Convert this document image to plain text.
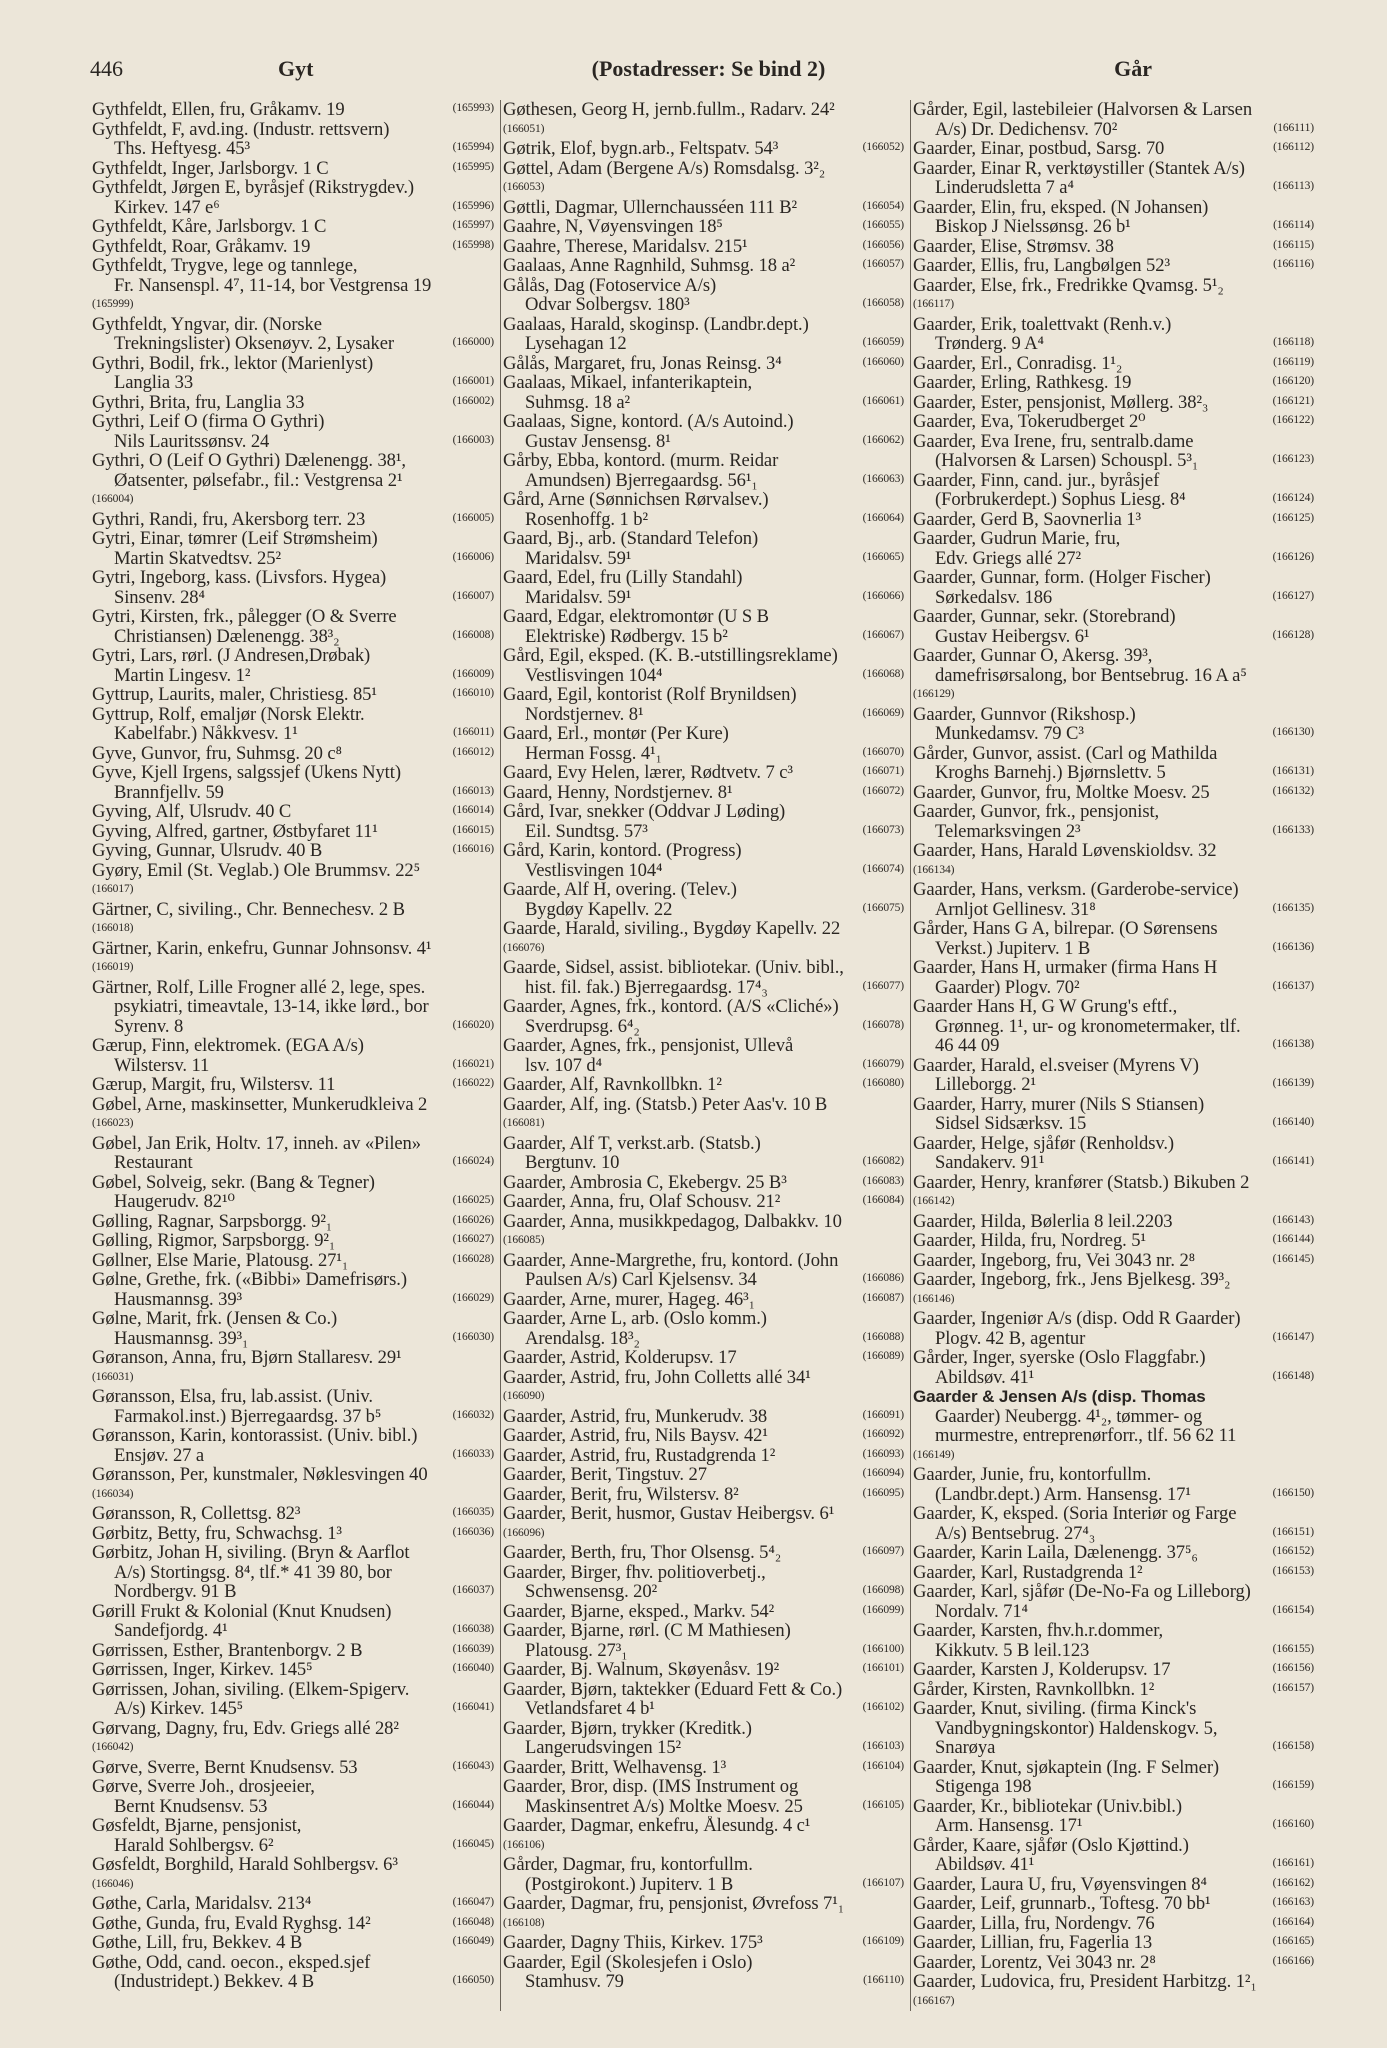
446	Gyt	(Postadresser: Se bind 2)	Går
Gythfeldt, Ellen, fru, Gråkamv. 19	(165993)
Gythfeldt, F, avd.ing. (Industr. rettsvern)
Ths. Heftyesg. 45³	(165994)
Gythfeldt, Inger, Jarlsborgv. 1 C	(165995)
Gythfeldt, Jørgen E, byråsjef (Rikstrygdev.)
Kirkev. 147 e⁶	(165996)
Gythfeldt, Kåre, Jarlsborgv. 1 C	(165997)
Gythfeldt, Roar, Gråkamv. 19	(165998)
Gythfeldt, Trygve, lege og tannlege,
Fr. Nansenspl. 4⁷, 11-14, bor Vestgrensa 19
(165999)
Gythfeldt, Yngvar, dir. (Norske
Trekningslister) Oksenøyv. 2, Lysaker	(166000)
Gythri, Bodil, frk., lektor (Marienlyst)
Langlia 33	(166001)
Gythri, Brita, fru, Langlia 33	(166002)
Gythri, Leif O (firma O Gythri)
Nils Lauritssønsv. 24	(166003)
Gythri, O (Leif O Gythri) Dælenengg. 38¹,
Øatsenter, pølsefabr., fil.: Vestgrensa 2¹
(166004)
Gythri, Randi, fru, Akersborg terr. 23	(166005)
Gytri, Einar, tømrer (Leif Strømsheim)
Martin Skatvedtsv. 25²	(166006)
Gytri, Ingeborg, kass. (Livsfors. Hygea)
Sinsenv. 28⁴	(166007)
Gytri, Kirsten, frk., pålegger (O & Sverre
Christiansen) Dælenengg. 38³₂	(166008)
Gytri, Lars, rørl. (J Andresen,Drøbak)
Martin Lingesv. 1²	(166009)
Gyttrup, Laurits, maler, Christiesg. 85¹	(166010)
Gyttrup, Rolf, emaljør (Norsk Elektr.
Kabelfabr.) Nåkkvesv. 1¹	(166011)
Gyve, Gunvor, fru, Suhmsg. 20 c⁸	(166012)
Gyve, Kjell Irgens, salgssjef (Ukens Nytt)
Brannfjellv. 59	(166013)
Gyving, Alf, Ulsrudv. 40 C	(166014)
Gyving, Alfred, gartner, Østbyfaret 11¹	(166015)
Gyving, Gunnar, Ulsrudv. 40 B	(166016)
Gyøry, Emil (St. Veglab.) Ole Brummsv. 22⁵
(166017)
Gärtner, C, siviling., Chr. Bennechesv. 2 B
(166018)
Gärtner, Karin, enkefru, Gunnar Johnsonsv. 4¹
(166019)
Gärtner, Rolf, Lille Frogner allé 2, lege, spes.
psykiatri, timeavtale, 13-14, ikke lørd., bor
Syrenv. 8	(166020)
Gærup, Finn, elektromek. (EGA A/s)
Wilstersv. 11	(166021)
Gærup, Margit, fru, Wilstersv. 11	(166022)
Gøbel, Arne, maskinsetter, Munkerudkleiva 2
(166023)
Gøbel, Jan Erik, Holtv. 17, inneh. av «Pilen»
Restaurant	(166024)
Gøbel, Solveig, sekr. (Bang & Tegner)
Haugerudv. 82¹⁰	(166025)
Gølling, Ragnar, Sarpsborgg. 9²₁	(166026)
Gølling, Rigmor, Sarpsborgg. 9²₁	(166027)
Gøllner, Else Marie, Platousg. 27¹₁	(166028)
Gølne, Grethe, frk. («Bibbi» Damefrisørs.)
Hausmannsg. 39³	(166029)
Gølne, Marit, frk. (Jensen & Co.)
Hausmannsg. 39³₁	(166030)
Gøranson, Anna, fru, Bjørn Stallaresv. 29¹
(166031)
Gøransson, Elsa, fru, lab.assist. (Univ.
Farmakol.inst.) Bjerregaardsg. 37 b⁵	(166032)
Gøransson, Karin, kontorassist. (Univ. bibl.)
Ensjøv. 27 a	(166033)
Gøransson, Per, kunstmaler, Nøklesvingen 40
(166034)
Gøransson, R, Collettsg. 82³	(166035)
Gørbitz, Betty, fru, Schwachsg. 1³	(166036)
Gørbitz, Johan H, siviling. (Bryn & Aarflot
A/s) Stortingsg. 8⁴, tlf.* 41 39 80, bor
Nordbergv. 91 B	(166037)
Gørill Frukt & Kolonial (Knut Knudsen)
Sandefjordg. 4¹	(166038)
Gørrissen, Esther, Brantenborgv. 2 B	(166039)
Gørrissen, Inger, Kirkev. 145⁵	(166040)
Gørrissen, Johan, siviling. (Elkem-Spigerv.
A/s) Kirkev. 145⁵	(166041)
Gørvang, Dagny, fru, Edv. Griegs allé 28²
(166042)
Gørve, Sverre, Bernt Knudsensv. 53	(166043)
Gørve, Sverre Joh., drosjeeier,
Bernt Knudsensv. 53	(166044)
Gøsfeldt, Bjarne, pensjonist,
Harald Sohlbergsv. 6²	(166045)
Gøsfeldt, Borghild, Harald Sohlbergsv. 6³
(166046)
Gøthe, Carla, Maridalsv. 213⁴	(166047)
Gøthe, Gunda, fru, Evald Ryghsg. 14²	(166048)
Gøthe, Lill, fru, Bekkev. 4 B	(166049)
Gøthe, Odd, cand. oecon., eksped.sjef
(Industridept.) Bekkev. 4 B	(166050)
Gøthesen, Georg H, jernb.fullm., Radarv. 24²
(166051)
Gøtrik, Elof, bygn.arb., Feltspatv. 54³	(166052)
Gøttel, Adam (Bergene A/s) Romsdalsg. 3²₂
(166053)
Gøttli, Dagmar, Ullernchausséen 111 B²	(166054)
Gaahre, N, Vøyensvingen 18⁵	(166055)
Gaahre, Therese, Maridalsv. 215¹	(166056)
Gaalaas, Anne Ragnhild, Suhmsg. 18 a²	(166057)
Gålås, Dag (Fotoservice A/s)
Odvar Solbergsv. 180³	(166058)
Gaalaas, Harald, skoginsp. (Landbr.dept.)
Lysehagan 12	(166059)
Gålås, Margaret, fru, Jonas Reinsg. 3⁴	(166060)
Gaalaas, Mikael, infanterikaptein,
Suhmsg. 18 a²	(166061)
Gaalaas, Signe, kontord. (A/s Autoind.)
Gustav Jensensg. 8¹	(166062)
Gårby, Ebba, kontord. (murm. Reidar
Amundsen) Bjerregaardsg. 56¹₁	(166063)
Gård, Arne (Sønnichsen Rørvalsev.)
Rosenhoffg. 1 b²	(166064)
Gaard, Bj., arb. (Standard Telefon)
Maridalsv. 59¹	(166065)
Gaard, Edel, fru (Lilly Standahl)
Maridalsv. 59¹	(166066)
Gaard, Edgar, elektromontør (U S B
Elektriske) Rødbergv. 15 b²	(166067)
Gård, Egil, eksped. (K. B.-utstillingsreklame)
Vestlisvingen 104⁴	(166068)
Gaard, Egil, kontorist (Rolf Brynildsen)
Nordstjernev. 8¹	(166069)
Gaard, Erl., montør (Per Kure)
Herman Fossg. 4¹₁	(166070)
Gaard, Evy Helen, lærer, Rødtvetv. 7 c³	(166071)
Gaard, Henny, Nordstjernev. 8¹	(166072)
Gård, Ivar, snekker (Oddvar J Løding)
Eil. Sundtsg. 57³	(166073)
Gård, Karin, kontord. (Progress)
Vestlisvingen 104⁴	(166074)
Gaarde, Alf H, overing. (Telev.)
Bygdøy Kapellv. 22	(166075)
Gaarde, Harald, siviling., Bygdøy Kapellv. 22
(166076)
Gaarde, Sidsel, assist. bibliotekar. (Univ. bibl.,
hist. fil. fak.) Bjerregaardsg. 17⁴₃	(166077)
Gaarder, Agnes, frk., kontord. (A/S «Cliché»)
Sverdrupsg. 6⁴₂	(166078)
Gaarder, Agnes, frk., pensjonist, Ullevå
lsv. 107 d⁴	(166079)
Gaarder, Alf, Ravnkollbkn. 1²	(166080)
Gaarder, Alf, ing. (Statsb.) Peter Aas'v. 10 B
(166081)
Gaarder, Alf T, verkst.arb. (Statsb.)
Bergtunv. 10	(166082)
Gaarder, Ambrosia C, Ekebergv. 25 B³	(166083)
Gaarder, Anna, fru, Olaf Schousv. 21²	(166084)
Gaarder, Anna, musikkpedagog, Dalbakkv. 10
(166085)
Gaarder, Anne-Margrethe, fru, kontord. (John
Paulsen A/s) Carl Kjelsensv. 34	(166086)
Gaarder, Arne, murer, Hageg. 46³₁	(166087)
Gaarder, Arne L, arb. (Oslo komm.)
Arendalsg. 18³₂	(166088)
Gaarder, Astrid, Kolderupsv. 17	(166089)
Gaarder, Astrid, fru, John Colletts allé 34¹
(166090)
Gaarder, Astrid, fru, Munkerudv. 38	(166091)
Gaarder, Astrid, fru, Nils Baysv. 42¹	(166092)
Gaarder, Astrid, fru, Rustadgrenda 1²	(166093)
Gaarder, Berit, Tingstuv. 27	(166094)
Gaarder, Berit, fru, Wilstersv. 8²	(166095)
Gaarder, Berit, husmor, Gustav Heibergsv. 6¹
(166096)
Gaarder, Berth, fru, Thor Olsensg. 5⁴₂	(166097)
Gaarder, Birger, fhv. politioverbetj.,
Schwensensg. 20²	(166098)
Gaarder, Bjarne, eksped., Markv. 54²	(166099)
Gaarder, Bjarne, rørl. (C M Mathiesen)
Platousg. 27³₁	(166100)
Gaarder, Bj. Walnum, Skøyenåsv. 19²	(166101)
Gaarder, Bjørn, taktekker (Eduard Fett & Co.)
Vetlandsfaret 4 b¹	(166102)
Gaarder, Bjørn, trykker (Kreditk.)
Langerudsvingen 15²	(166103)
Gaarder, Britt, Welhavensg. 1³	(166104)
Gaarder, Bror, disp. (IMS Instrument og
Maskinsentret A/s) Moltke Moesv. 25	(166105)
Gaarder, Dagmar, enkefru, Ålesundg. 4 c¹
(166106)
Gårder, Dagmar, fru, kontorfullm.
(Postgirokont.) Jupiterv. 1 B	(166107)
Gaarder, Dagmar, fru, pensjonist, Øvrefoss 7¹₁
(166108)
Gaarder, Dagny Thiis, Kirkev. 175³	(166109)
Gaarder, Egil (Skolesjefen i Oslo)
Stamhusv. 79	(166110)
Gårder, Egil, lastebileier (Halvorsen & Larsen
A/s) Dr. Dedichensv. 70²	(166111)
Gaarder, Einar, postbud, Sarsg. 70	(166112)
Gaarder, Einar R, verktøystiller (Stantek A/s)
Linderudsletta 7 a⁴	(166113)
Gaarder, Elin, fru, eksped. (N Johansen)
Biskop J Nielssønsg. 26 b¹	(166114)
Gaarder, Elise, Strømsv. 38	(166115)
Gaarder, Ellis, fru, Langbølgen 52³	(166116)
Gaarder, Else, frk., Fredrikke Qvamsg. 5¹₂
(166117)
Gaarder, Erik, toalettvakt (Renh.v.)
Trønderg. 9 A⁴	(166118)
Gaarder, Erl., Conradisg. 1¹₂	(166119)
Gaarder, Erling, Rathkesg. 19	(166120)
Gaarder, Ester, pensjonist, Møllerg. 38²₃	(166121)
Gaarder, Eva, Tokerudberget 2⁰	(166122)
Gaarder, Eva Irene, fru, sentralb.dame
(Halvorsen & Larsen) Schouspl. 5³₁	(166123)
Gaarder, Finn, cand. jur., byråsjef
(Forbrukerdept.) Sophus Liesg. 8⁴	(166124)
Gaarder, Gerd B, Saovnerlia 1³	(166125)
Gaarder, Gudrun Marie, fru,
Edv. Griegs allé 27²	(166126)
Gaarder, Gunnar, form. (Holger Fischer)
Sørkedalsv. 186	(166127)
Gaarder, Gunnar, sekr. (Storebrand)
Gustav Heibergsv. 6¹	(166128)
Gaarder, Gunnar O, Akersg. 39³,
damefrisørsalong, bor Bentsebrug. 16 A a⁵
(166129)
Gaarder, Gunnvor (Rikshosp.)
Munkedamsv. 79 C³	(166130)
Gårder, Gunvor, assist. (Carl og Mathilda
Kroghs Barnehj.) Bjørnslettv. 5	(166131)
Gaarder, Gunvor, fru, Moltke Moesv. 25	(166132)
Gaarder, Gunvor, frk., pensjonist,
Telemarksvingen 2³	(166133)
Gaarder, Hans, Harald Løvenskioldsv. 32
(166134)
Gaarder, Hans, verksm. (Garderobe-service)
Arnljot Gellinesv. 31⁸	(166135)
Gårder, Hans G A, bilrepar. (O Sørensens
Verkst.) Jupiterv. 1 B	(166136)
Gaarder, Hans H, urmaker (firma Hans H
Gaarder) Plogv. 70²	(166137)
Gaarder Hans H, G W Grung's eftf.,
Grønneg. 1¹, ur- og kronometermaker, tlf.
46 44 09	(166138)
Gaarder, Harald, el.sveiser (Myrens V)
Lilleborgg. 2¹	(166139)
Gaarder, Harry, murer (Nils S Stiansen)
Sidsel Sidsærksv. 15	(166140)
Gaarder, Helge, sjåfør (Renholdsv.)
Sandakerv. 91¹	(166141)
Gaarder, Henry, kranfører (Statsb.) Bikuben 2
(166142)
Gaarder, Hilda, Bølerlia 8 leil.2203	(166143)
Gaarder, Hilda, fru, Nordreg. 5¹	(166144)
Gaarder, Ingeborg, fru, Vei 3043 nr. 2⁸	(166145)
Gaarder, Ingeborg, frk., Jens Bjelkesg. 39³₂
(166146)
Gaarder, Ingeniør A/s (disp. Odd R Gaarder)
Plogv. 42 B, agentur	(166147)
Gårder, Inger, syerske (Oslo Flaggfabr.)
Abildsøv. 41¹	(166148)
Gaarder & Jensen A/s (disp. Thomas
Gaarder) Neubergg. 4¹₂, tømmer- og
murmestre, entreprenørforr., tlf. 56 62 11
(166149)
Gaarder, Junie, fru, kontorfullm.
(Landbr.dept.) Arm. Hansensg. 17¹	(166150)
Gaarder, K, eksped. (Soria Interiør og Farge
A/s) Bentsebrug. 27⁴₃	(166151)
Gaarder, Karin Laila, Dælenengg. 37⁵₆	(166152)
Gaarder, Karl, Rustadgrenda 1²	(166153)
Gaarder, Karl, sjåfør (De-No-Fa og Lilleborg)
Nordalv. 71⁴	(166154)
Gaarder, Karsten, fhv.h.r.dommer,
Kikkutv. 5 B leil.123	(166155)
Gaarder, Karsten J, Kolderupsv. 17	(166156)
Gårder, Kirsten, Ravnkollbkn. 1²	(166157)
Gaarder, Knut, siviling. (firma Kinck's
Vandbygningskontor) Haldenskogv. 5,
Snarøya	(166158)
Gaarder, Knut, sjøkaptein (Ing. F Selmer)
Stigenga 198	(166159)
Gaarder, Kr., bibliotekar (Univ.bibl.)
Arm. Hansensg. 17¹	(166160)
Gårder, Kaare, sjåfør (Oslo Kjøttind.)
Abildsøv. 41¹	(166161)
Gaarder, Laura U, fru, Vøyensvingen 8⁴	(166162)
Gaarder, Leif, grunnarb., Toftesg. 70 bb¹	(166163)
Gaarder, Lilla, fru, Nordengv. 76	(166164)
Gaarder, Lillian, fru, Fagerlia 13	(166165)
Gaarder, Lorentz, Vei 3043 nr. 2⁸	(166166)
Gaarder, Ludovica, fru, President Harbitzg. 1²₁
(166167)
